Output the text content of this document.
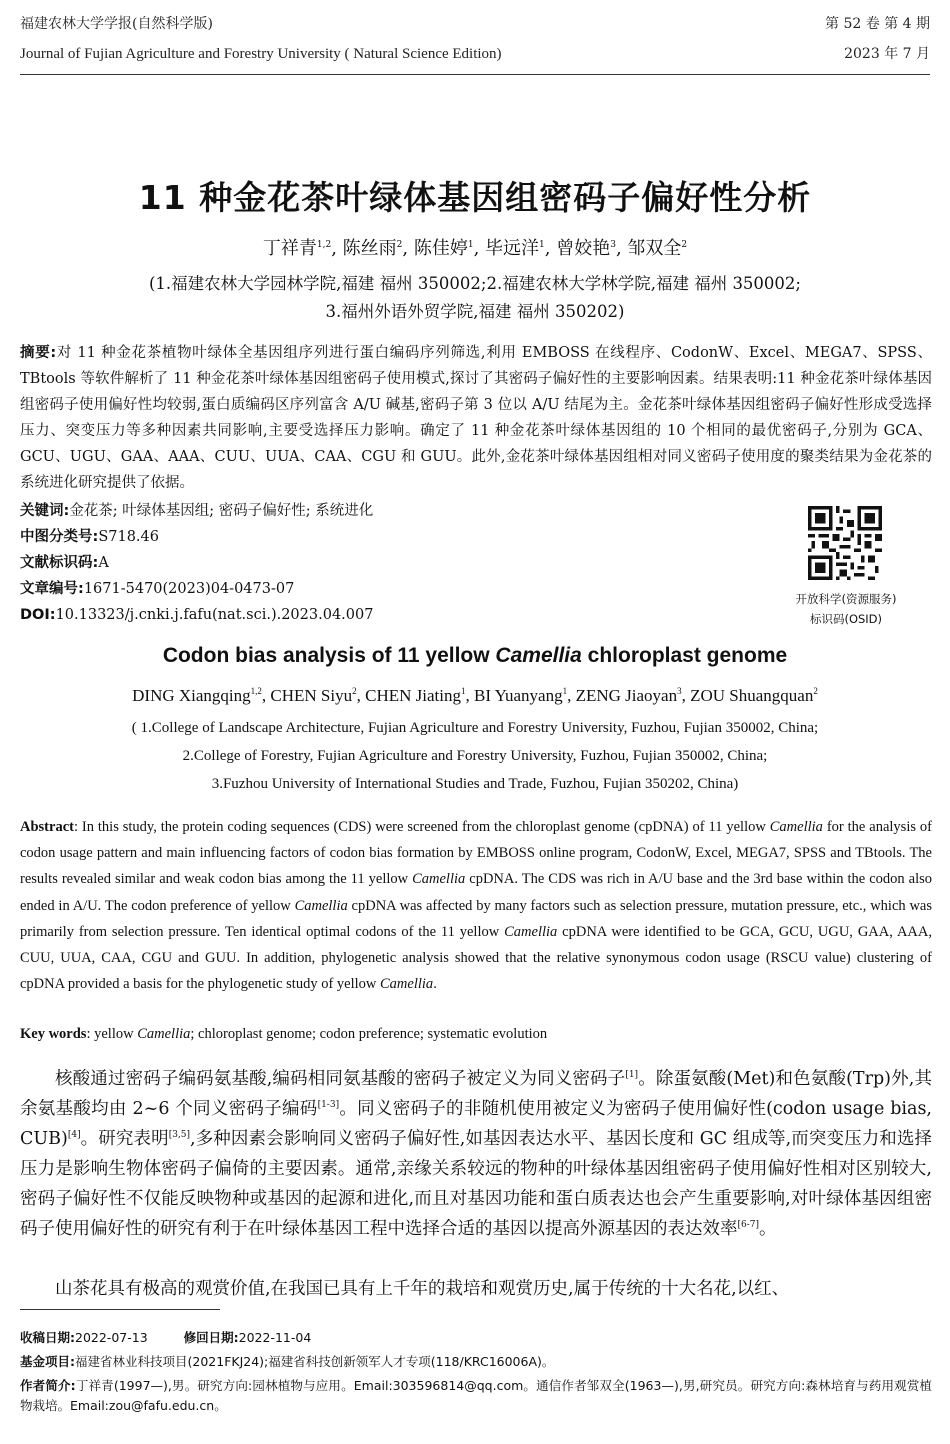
福建农林大学学报(自然科学版)
Journal of Fujian Agriculture and Forestry University ( Natural Science Edition)
第 52 卷 第 4 期
2023 年 7 月
11 种金花茶叶绿体基因组密码子偏好性分析
丁祥青$^{1,2}$, 陈丝雨$^2$, 陈佳婷$^1$, 毕远洋$^1$, 曾姣艳$^3$, 邹双全$^2$
(1.福建农林大学园林学院,福建 福州 350002;2.福建农林大学林学院,福建 福州 350002;
3.福州外语外贸学院,福建 福州 350202)
摘要:对 11 种金花茶植物叶绿体全基因组序列进行蛋白编码序列筛选,利用 EMBOSS 在线程序、CodonW、Excel、MEGA7、SPSS、TBtools 等软件解析了 11 种金花茶叶绿体基因组密码子使用模式,探讨了其密码子偏好性的主要影响因素。结果表明:11 种金花茶叶绿体基因组密码子使用偏好性均较弱,蛋白质编码区序列富含 A/U 碱基,密码子第 3 位以 A/U 结尾为主。金花茶叶绿体基因组密码子偏好性形成受选择压力、突变压力等多种因素共同影响,主要受选择压力影响。确定了 11 种金花茶叶绿体基因组的 10 个相同的最优密码子,分别为 GCA、GCU、UGU、GAA、AAA、CUU、UUA、CAA、CGU 和 GUU。此外,金花茶叶绿体基因组相对同义密码子使用度的聚类结果为金花茶的系统进化研究提供了依据。
关键词:金花茶; 叶绿体基因组; 密码子偏好性; 系统进化
中图分类号:S718.46
文献标识码:A
文章编号:1671-5470(2023)04-0473-07
DOI:10.13323/j.cnki.j.fafu(nat.sci.).2023.04.007
开放科学(资源服务)
标识码(OSID)
Codon bias analysis of 11 yellow Camellia chloroplast genome
DING Xiangqing$^{1,2}$, CHEN Siyu$^2$, CHEN Jiating$^1$, BI Yuanyang$^1$, ZENG Jiaoyan$^3$, ZOU Shuangquan$^2$
( 1.College of Landscape Architecture, Fujian Agriculture and Forestry University, Fuzhou, Fujian 350002, China;
2.College of Forestry, Fujian Agriculture and Forestry University, Fuzhou, Fujian 350002, China;
3.Fuzhou University of International Studies and Trade, Fuzhou, Fujian 350202, China)
Abstract: In this study, the protein coding sequences (CDS) were screened from the chloroplast genome (cpDNA) of 11 yellow Camellia for the analysis of codon usage pattern and main influencing factors of codon bias formation by EMBOSS online program, CodonW, Excel, MEGA7, SPSS and TBtools. The results revealed similar and weak codon bias among the 11 yellow Camellia cpDNA. The CDS was rich in A/U base and the 3rd base within the codon also ended in A/U. The codon preference of yellow Camellia cpDNA was affected by many factors such as selection pressure, mutation pressure, etc., which was primarily from selection pressure. Ten identical optimal codons of the 11 yellow Camellia cpDNA were identified to be GCA, GCU, UGU, GAA, AAA, CUU, UUA, CAA, CGU and GUU. In addition, phylogenetic analysis showed that the relative synonymous codon usage (RSCU value) clustering of cpDNA provided a basis for the phylogenetic study of yellow Camellia.
Key words: yellow Camellia; chloroplast genome; codon preference; systematic evolution
核酸通过密码子编码氨基酸,编码相同氨基酸的密码子被定义为同义密码子[1]。除蛋氨酸(Met)和色氨酸(Trp)外,其余氨基酸均由 2~6 个同义密码子编码[1-3]。同义密码子的非随机使用被定义为密码子使用偏好性(codon usage bias, CUB)[4]。研究表明[3,5],多种因素会影响同义密码子偏好性,如基因表达水平、基因长度和 GC 组成等,而突变压力和选择压力是影响生物体密码子偏倚的主要因素。通常,亲缘关系较远的物种的叶绿体基因组密码子使用偏好性相对区别较大,密码子偏好性不仅能反映物种或基因的起源和进化,而且对基因功能和蛋白质表达也会产生重要影响,对叶绿体基因组密码子使用偏好性的研究有利于在叶绿体基因工程中选择合适的基因以提高外源基因的表达效率[6-7]。
山茶花具有极高的观赏价值,在我国已具有上千年的栽培和观赏历史,属于传统的十大名花,以红、
收稿日期:2022-07-13	修回日期:2022-11-04
基金项目:福建省林业科技项目(2021FKJ24);福建省科技创新领军人才专项(118/KRC16006A)。
作者简介:丁祥青(1997—),男。研究方向:园林植物与应用。Email:303596814@qq.com。通信作者邹双全(1963—),男,研究员。研究方向:森林培育与药用观赏植物栽培。Email:zou@fafu.edu.cn。
